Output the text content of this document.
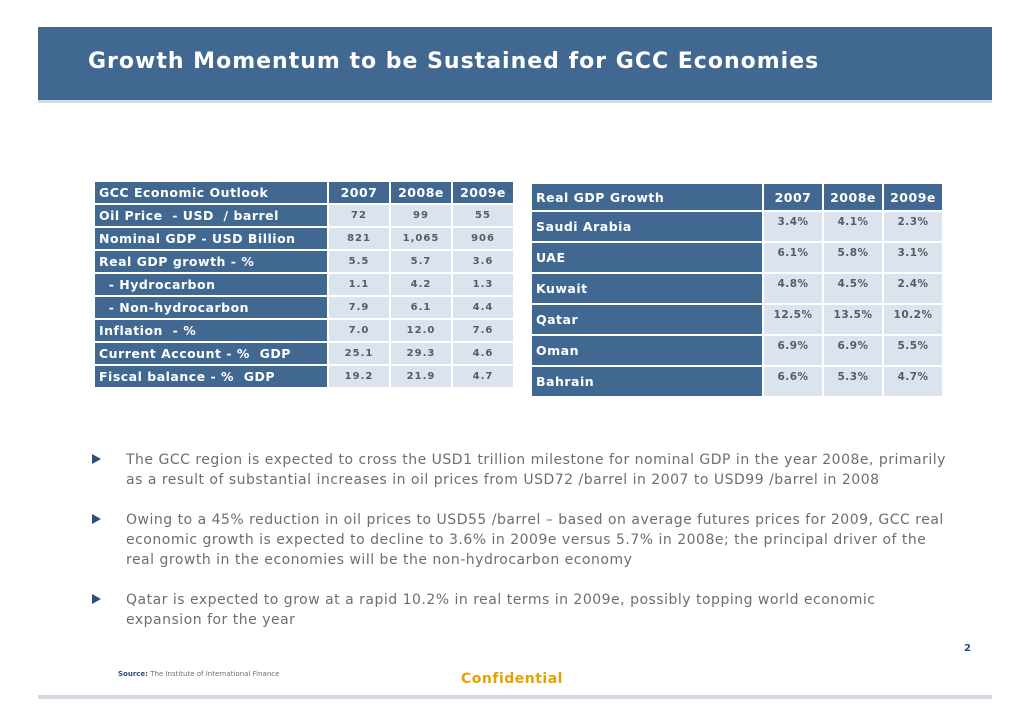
Growth Momentum to be Sustained for GCC Economies
GCC Economic Outlook	2007	2008e	2009e
Oil Price  - USD  / barrel	72	99	55
Nominal GDP - USD Billion	821	1,065	906
Real GDP growth - %	5.5	5.7	3.6
- Hydrocarbon	1.1	4.2	1.3
- Non-hydrocarbon	7.9	6.1	4.4
Inflation  - %	7.0	12.0	7.6
Current Account - %  GDP	25.1	29.3	4.6
Fiscal balance - %  GDP	19.2	21.9	4.7
Real GDP Growth	2007	2008e	2009e
Saudi Arabia	3.4%	4.1%	2.3%
UAE	6.1%	5.8%	3.1%
Kuwait	4.8%	4.5%	2.4%
Qatar	12.5%	13.5%	10.2%
Oman	6.9%	6.9%	5.5%
Bahrain	6.6%	5.3%	4.7%
The GCC region is expected to cross the USD1 trillion milestone for nominal GDP in the year 2008e, primarily as a result of substantial increases in oil prices from USD72 /barrel in 2007 to USD99 /barrel in 2008
Owing to a 45% reduction in oil prices to USD55 /barrel – based on average futures prices for 2009, GCC real economic growth is expected to decline to 3.6% in 2009e versus 5.7% in 2008e; the principal driver of the real growth in the economies will be the non-hydrocarbon economy
Qatar is expected to grow at a rapid 10.2% in real terms in 2009e, possibly topping world economic expansion for the year
2
Source: The Institute of International Finance	Confidential
